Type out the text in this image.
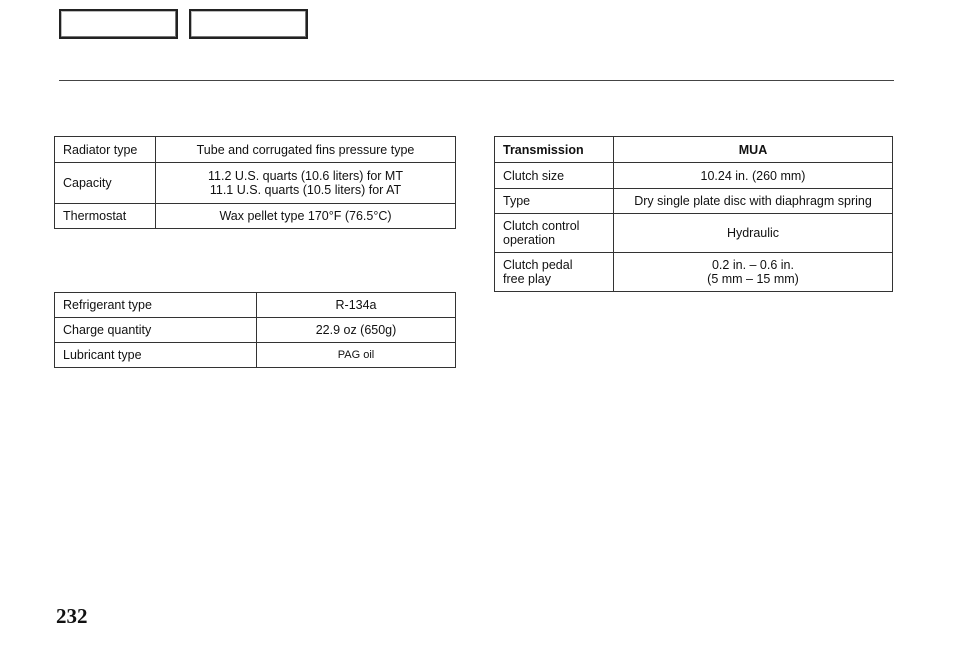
Radiator type	Tube and corrugated fins pressure type
Capacity	11.2 U.S. quarts (10.6 liters) for MT
11.1 U.S. quarts (10.5 liters) for AT

Thermostat	Wax pellet type 170°F (76.5°C)
Refrigerant type	R-134a
Charge quantity	22.9 oz (650g)
Lubricant type	PAG oil
Transmission	MUA
Clutch size	10.24 in. (260 mm)
Type	Dry single plate disc with diaphragm spring

Clutch control
operation	Hydraulic

Clutch pedal
free play	0.2 in. – 0.6 in.
(5 mm – 15 mm)
232
